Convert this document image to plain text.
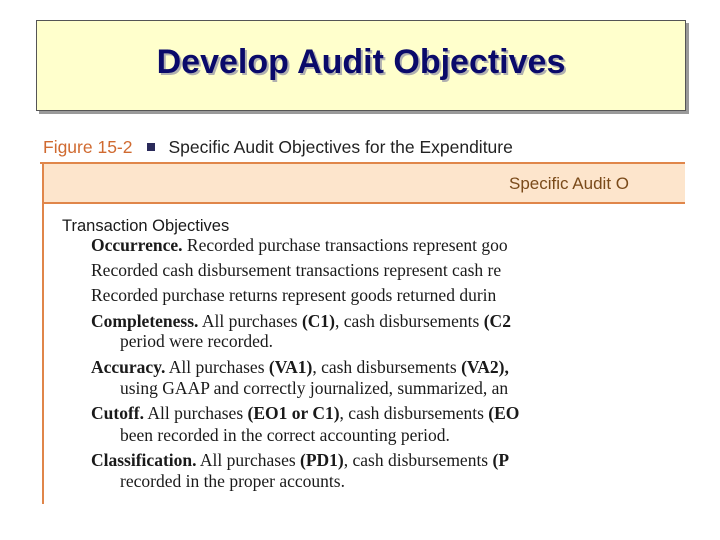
Develop Audit Objectives
Figure 15-2 Specific Audit Objectives for the Expenditure
Specific Audit O
Transaction Objectives
Occurrence. Recorded purchase transactions represent goo
Recorded cash disbursement transactions represent cash re
Recorded purchase returns represent goods returned durin
Completeness. All purchases (C1), cash disbursements (C2
period were recorded.
Accuracy. All purchases (VA1), cash disbursements (VA2),
using GAAP and correctly journalized, summarized, an
Cutoff. All purchases (EO1 or C1), cash disbursements (EO
been recorded in the correct accounting period.
Classification. All purchases (PD1), cash disbursements (P
recorded in the proper accounts.
